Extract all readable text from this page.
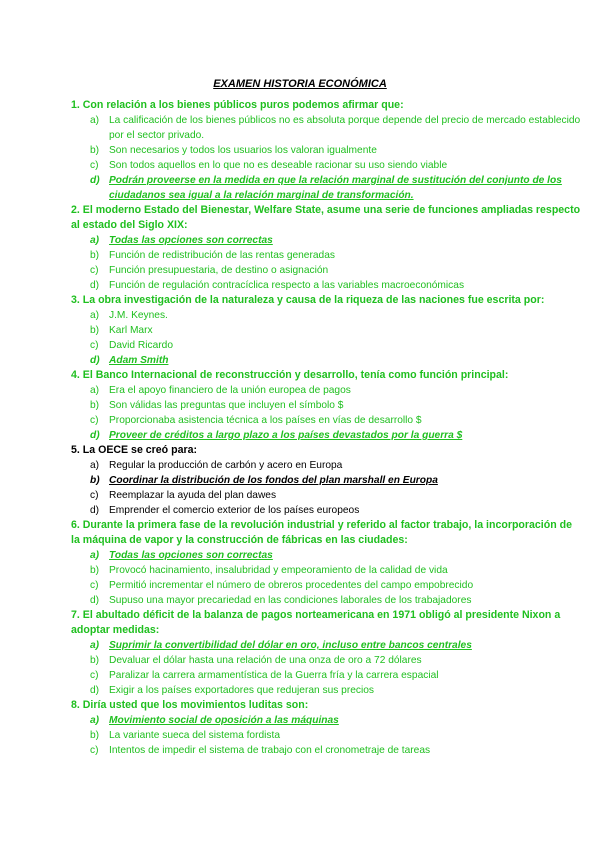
EXAMEN HISTORIA ECONÓMICA

1. Con relación a los bienes públicos puros podemos afirmar que:

a) La calificación de los bienes públicos no es absoluta porque depende del precio de mercado establecido por el sector privado.
b) Son necesarios y todos los usuarios los valoran igualmente
c)	Son todos aquellos en lo que no es deseable racionar su uso siendo viable
d) Podrán proveerse en la medida en que la relación marginal de sustitución del conjunto de los ciudadanos sea igual a la relación marginal de transformación.

2. El moderno Estado del Bienestar, Welfare State, asume una serie de funciones ampliadas respecto al estado del Siglo XIX:

a) Todas las opciones son correctas
b) Función de redistribución de las rentas generadas
c)	Función presupuestaria, de destino o asignación
d) Función de regulación contracíclica respecto a las variables macroeconómicas

3. La obra investigación de la naturaleza y causa de la riqueza de las naciones fue escrita por:

a) J.M. Keynes.
b) Karl Marx
c)	David Ricardo
d) Adam Smith

4. El Banco Internacional de reconstrucción y desarrollo, tenía como función principal:

a) Era el apoyo financiero de la unión europea de pagos
b) Son válidas las preguntas que incluyen el símbolo $
c)	Proporcionaba asistencia técnica a los países en vías de desarrollo $
d) Proveer de créditos a largo plazo a los países devastados por la guerra $

5. La OECE se creó para:

a) Regular la producción de carbón y acero en Europa
b) Coordinar la distribución de los fondos del plan marshall en Europa
c)	Reemplazar la ayuda del plan dawes
d) Emprender el comercio exterior de los países europeos

6. Durante la primera fase de la revolución industrial y referido al factor trabajo, la incorporación de la máquina de vapor y la construcción de fábricas en las ciudades:

a) Todas las opciones son correctas
b) Provocó hacinamiento, insalubridad y empeoramiento de la calidad de vida
c)	Permitió incrementar el número de obreros procedentes del campo empobrecido
d) Supuso una mayor precariedad en las condiciones laborales de los trabajadores

7. El abultado déficit de la balanza de pagos norteamericana en 1971 obligó al presidente Nixon a adoptar medidas:

a) Suprimir la convertibilidad del dólar en oro, incluso entre bancos centrales
b) Devaluar el dólar hasta una relación de una onza de oro a 72 dólares
c)	Paralizar la carrera armamentística de la Guerra fría y la carrera espacial
d) Exigir a los países exportadores que redujeran sus precios

8. Diría usted que los movimientos luditas son:

a) Movimiento social de oposición a las máquinas
b) La variante sueca del sistema fordista
c)	Intentos de impedir el sistema de trabajo con el cronometraje de tareas
